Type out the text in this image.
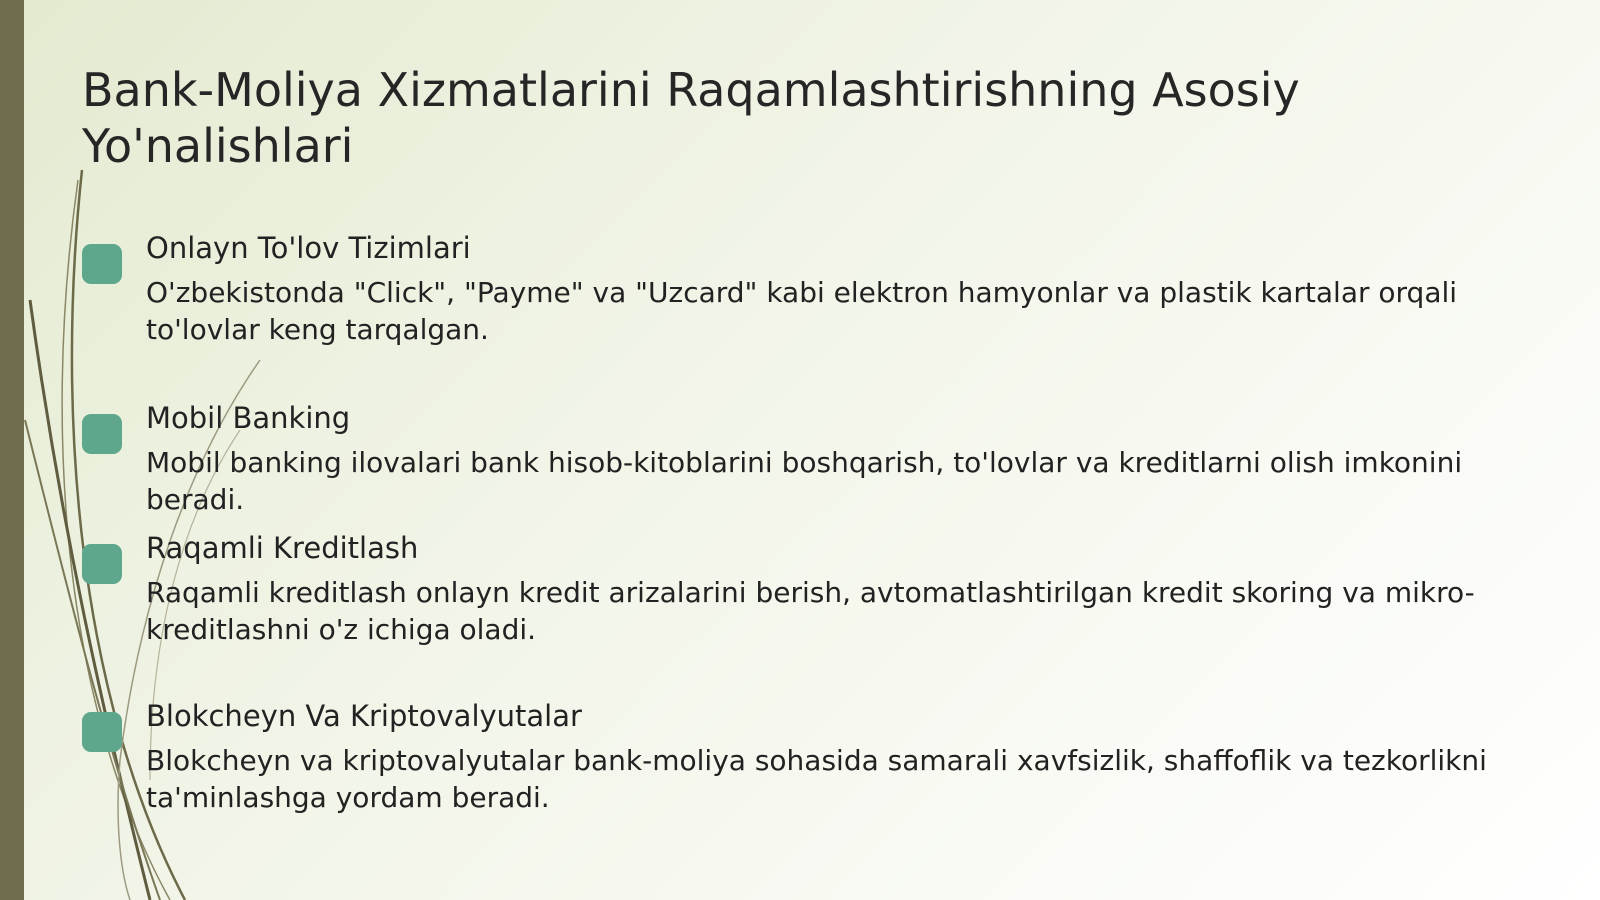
Bank-Moliya Xizmatlarini Raqamlashtirishning Asosiy Yo'nalishlari
Onlayn To'lov Tizimlari

O'zbekistonda "Click", "Payme" va "Uzcard" kabi elektron hamyonlar va plastik kartalar orqali to'lovlar keng tarqalgan.

Mobil Banking

Mobil banking ilovalari bank hisob-kitoblarini boshqarish, to'lovlar va kreditlarni olish imkonini beradi.

Raqamli Kreditlash

Raqamli kreditlash onlayn kredit arizalarini berish, avtomatlashtirilgan kredit skoring va mikro-kreditlashni o'z ichiga oladi.

Blokcheyn Va Kriptovalyutalar

Blokcheyn va kriptovalyutalar bank-moliya sohasida samarali xavfsizlik, shaffoflik va tezkorlikni ta'minlashga yordam beradi.
